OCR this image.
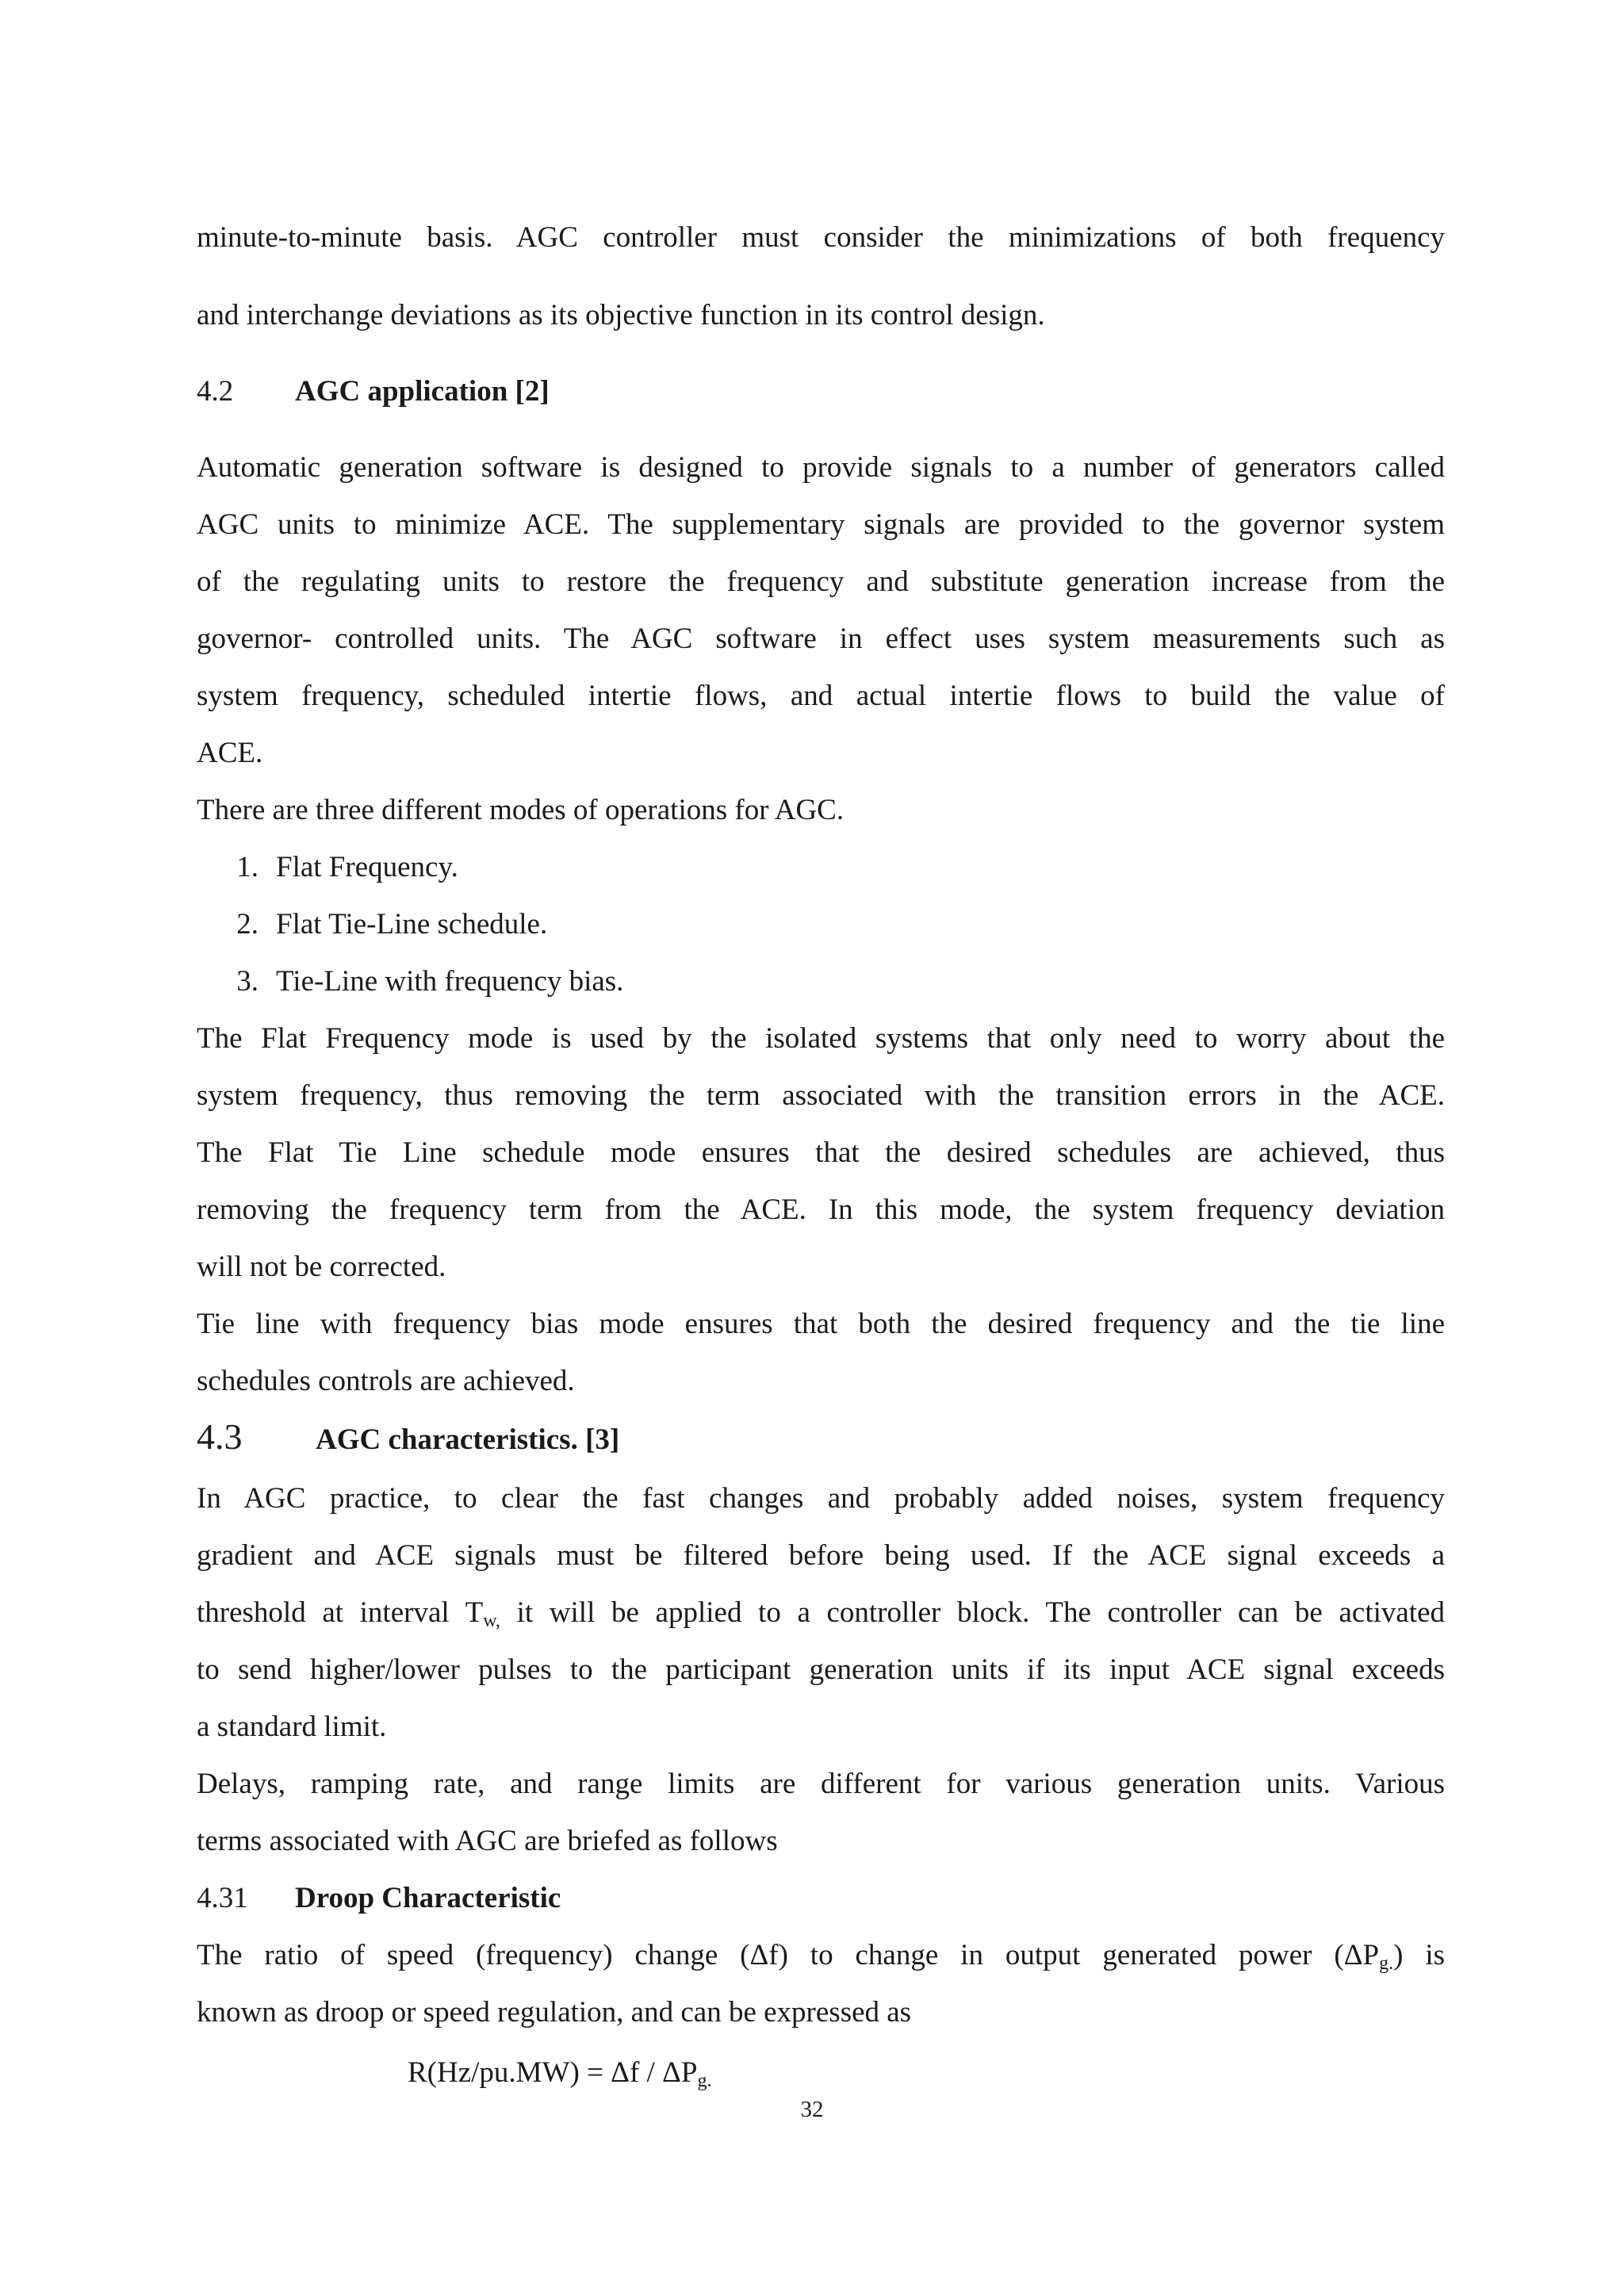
minute-to-minute basis. AGC controller must consider the minimizations of both frequency
and interchange deviations as its objective function in its control design.
4.2 AGC application [2]
Automatic generation software is designed to provide signals to a number of generators called
AGC units to minimize ACE. The supplementary signals are provided to the governor system
of the regulating units to restore the frequency and substitute generation increase from the
governor- controlled units. The AGC software in effect uses system measurements such as
system frequency, scheduled intertie flows, and actual intertie flows to build the value of
ACE.
There are three different modes of operations for AGC.
1. Flat Frequency.
2. Flat Tie-Line schedule.
3. Tie-Line with frequency bias.
The Flat Frequency mode is used by the isolated systems that only need to worry about the
system frequency, thus removing the term associated with the transition errors in the ACE.
The Flat Tie Line schedule mode ensures that the desired schedules are achieved, thus
removing the frequency term from the ACE. In this mode, the system frequency deviation
will not be corrected.
Tie line with frequency bias mode ensures that both the desired frequency and the tie line
schedules controls are achieved.
4.3	AGC characteristics. [3]
In AGC practice, to clear the fast changes and probably added noises, system frequency
gradient and ACE signals must be filtered before being used. If the ACE signal exceeds a
threshold at interval $T_{w,}$ it will be applied to a controller block. The controller can be activated
to send higher/lower pulses to the participant generation units if its input ACE signal exceeds
a standard limit.
Delays, ramping rate, and range limits are different for various generation units. Various
terms associated with AGC are briefed as follows
4.31 Droop Characteristic
The ratio of speed (frequency) change (Δf) to change in output generated power $(\Delta P_{g.})$ is
known as droop or speed regulation, and can be expressed as
$R(Hz/pu.MW) = \Delta f / \Delta P_{g.}$
32
